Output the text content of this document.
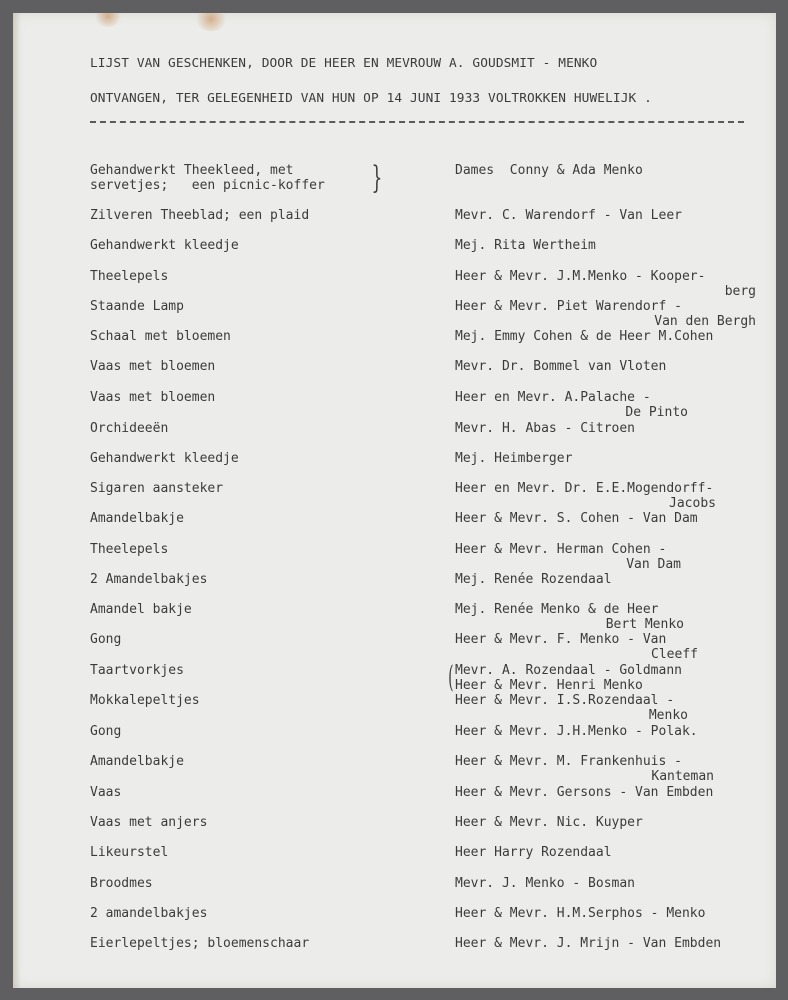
LIJST VAN GESCHENKEN, DOOR DE HEER EN MEVROUW A. GOUDSMIT - MENKO
ONTVANGEN, TER GELEGENHEID VAN HUN OP 14 JUNI 1933 VOLTROKKEN HUWELIJK .
Gehandwerkt Theekleed, met
servetjes;   een picnic-koffer }	Dames  Conny & Ada Menko
Zilveren Theeblad; een plaid	Mevr. C. Warendorf - Van Leer
Gehandwerkt kleedje	Mej. Rita Wertheim
Theelepels	Heer & Mevr. J.M.Menko - Kooper-
berg
Staande Lamp	Heer & Mevr. Piet Warendorf -
Van den Bergh
Schaal met bloemen	Mej. Emmy Cohen & de Heer M.Cohen
Vaas met bloemen	Mevr. Dr. Bommel van Vloten
Vaas met bloemen	Heer en Mevr. A.Palache -
De Pinto
Orchideeën	Mevr. H. Abas - Citroen
Gehandwerkt kleedje	Mej. Heimberger
Sigaren aansteker	Heer en Mevr. Dr. E.E.Mogendorff-
Jacobs
Amandelbakje	Heer & Mevr. S. Cohen - Van Dam
Theelepels	Heer & Mevr. Herman Cohen -
Van Dam
2 Amandelbakjes	Mej. Renée Rozendaal
Amandel bakje	Mej. Renée Menko & de Heer
Bert Menko
Gong	Heer & Mevr. F. Menko - Van
Cleeff
Taartvorkjes	( Mevr. A. Rozendaal - Goldmann
Heer & Mevr. Henri Menko
Mokkalepeltjes	Heer & Mevr. I.S.Rozendaal -
Menko
Gong	Heer & Mevr. J.H.Menko - Polak.
Amandelbakje	Heer & Mevr. M. Frankenhuis -
Kanteman
Vaas	Heer & Mevr. Gersons - Van Embden
Vaas met anjers	Heer & Mevr. Nic. Kuyper
Likeurstel	Heer Harry Rozendaal
Broodmes	Mevr. J. Menko - Bosman
2 amandelbakjes	Heer & Mevr. H.M.Serphos - Menko
Eierlepeltjes; bloemenschaar	Heer & Mevr. J. Mrijn - Van Embden
